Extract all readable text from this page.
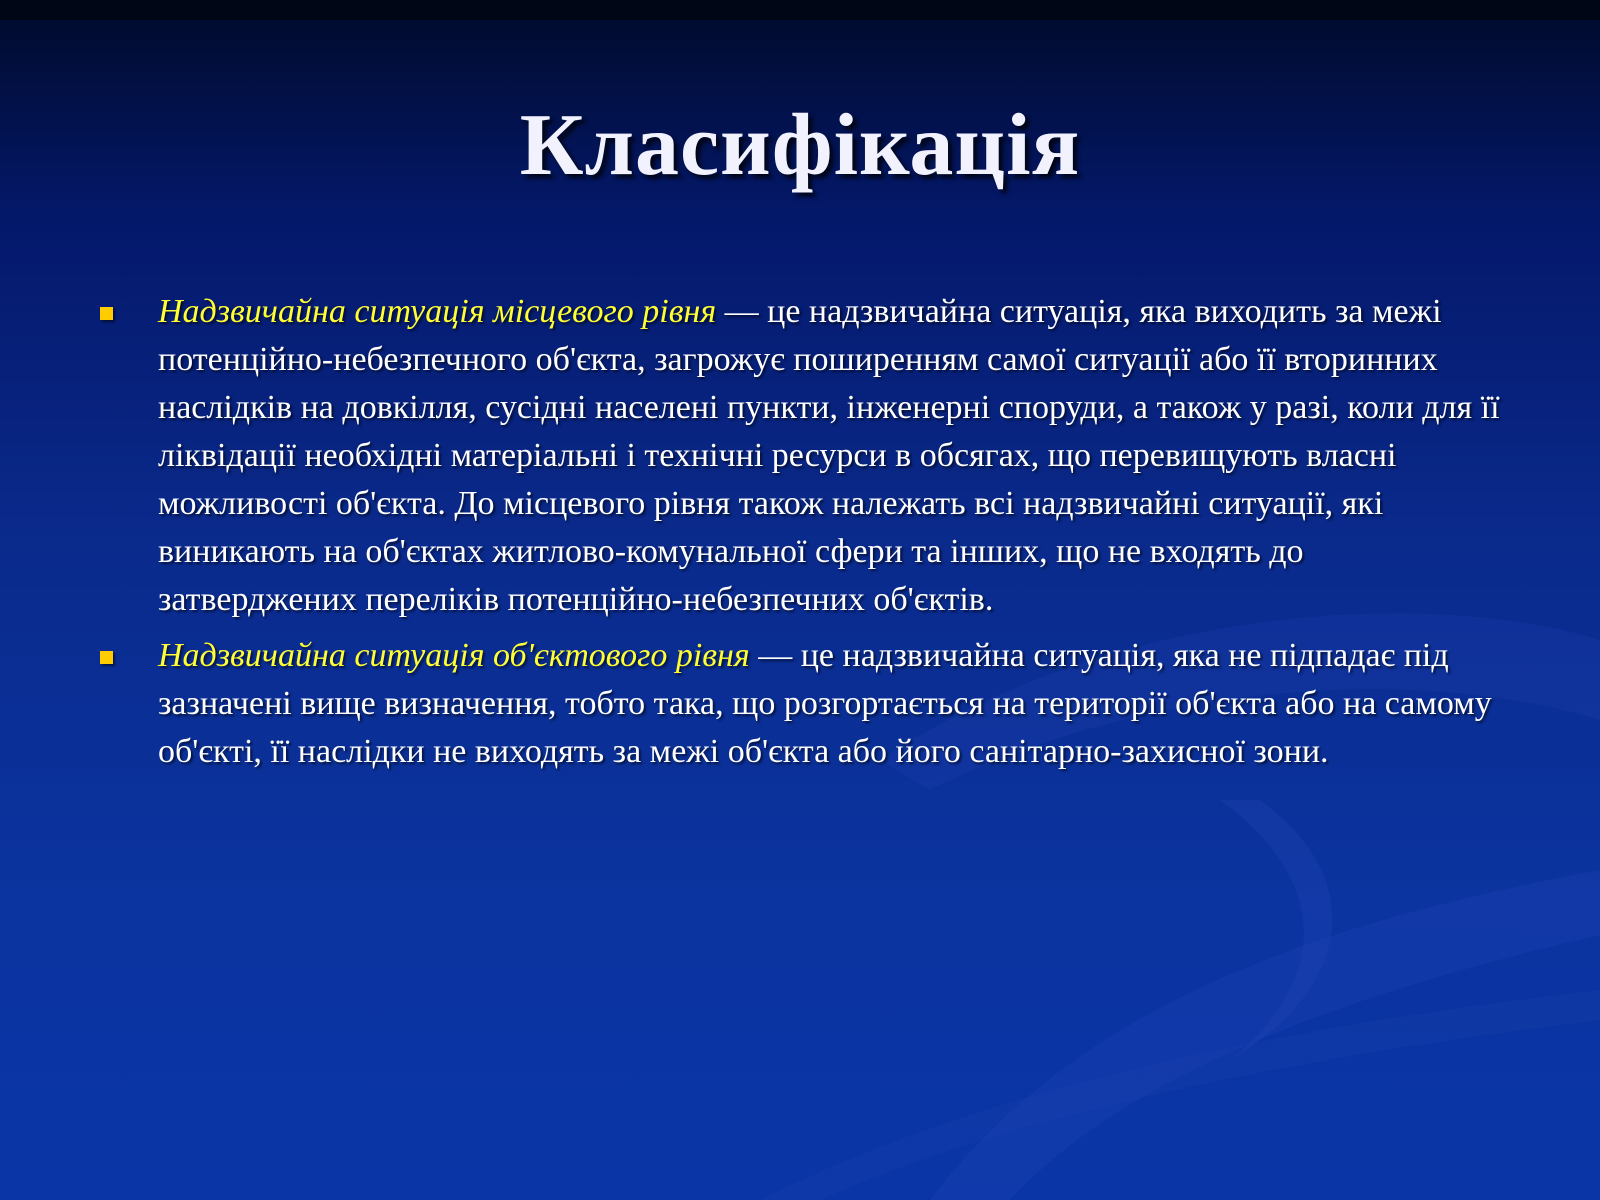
Класифікація
Надзвичайна ситуація місцевого рівня — це надзвичайна ситуація, яка виходить за межі потенційно-небезпечного об'єкта, загрожує поширенням самої ситуації або її вторинних наслідків на довкілля, сусідні населені пункти, інженерні споруди, а також у разі, коли для її ліквідації необхідні матеріальні і технічні ресурси в обсягах, що перевищують власні можливості об'єкта. До місцевого рівня також належать всі надзвичайні ситуації, які виникають на об'єктах житлово-комунальної сфери та інших, що не входять до затверджених переліків потенційно-небезпечних об'єктів.
Надзвичайна ситуація об'єктового рівня — це надзвичайна ситуація, яка не підпадає під зазначені вище визначення, тобто така, що розгортається на території об'єкта або на самому об'єкті, її наслідки не виходять за межі об'єкта або його санітарно-захисної зони.
